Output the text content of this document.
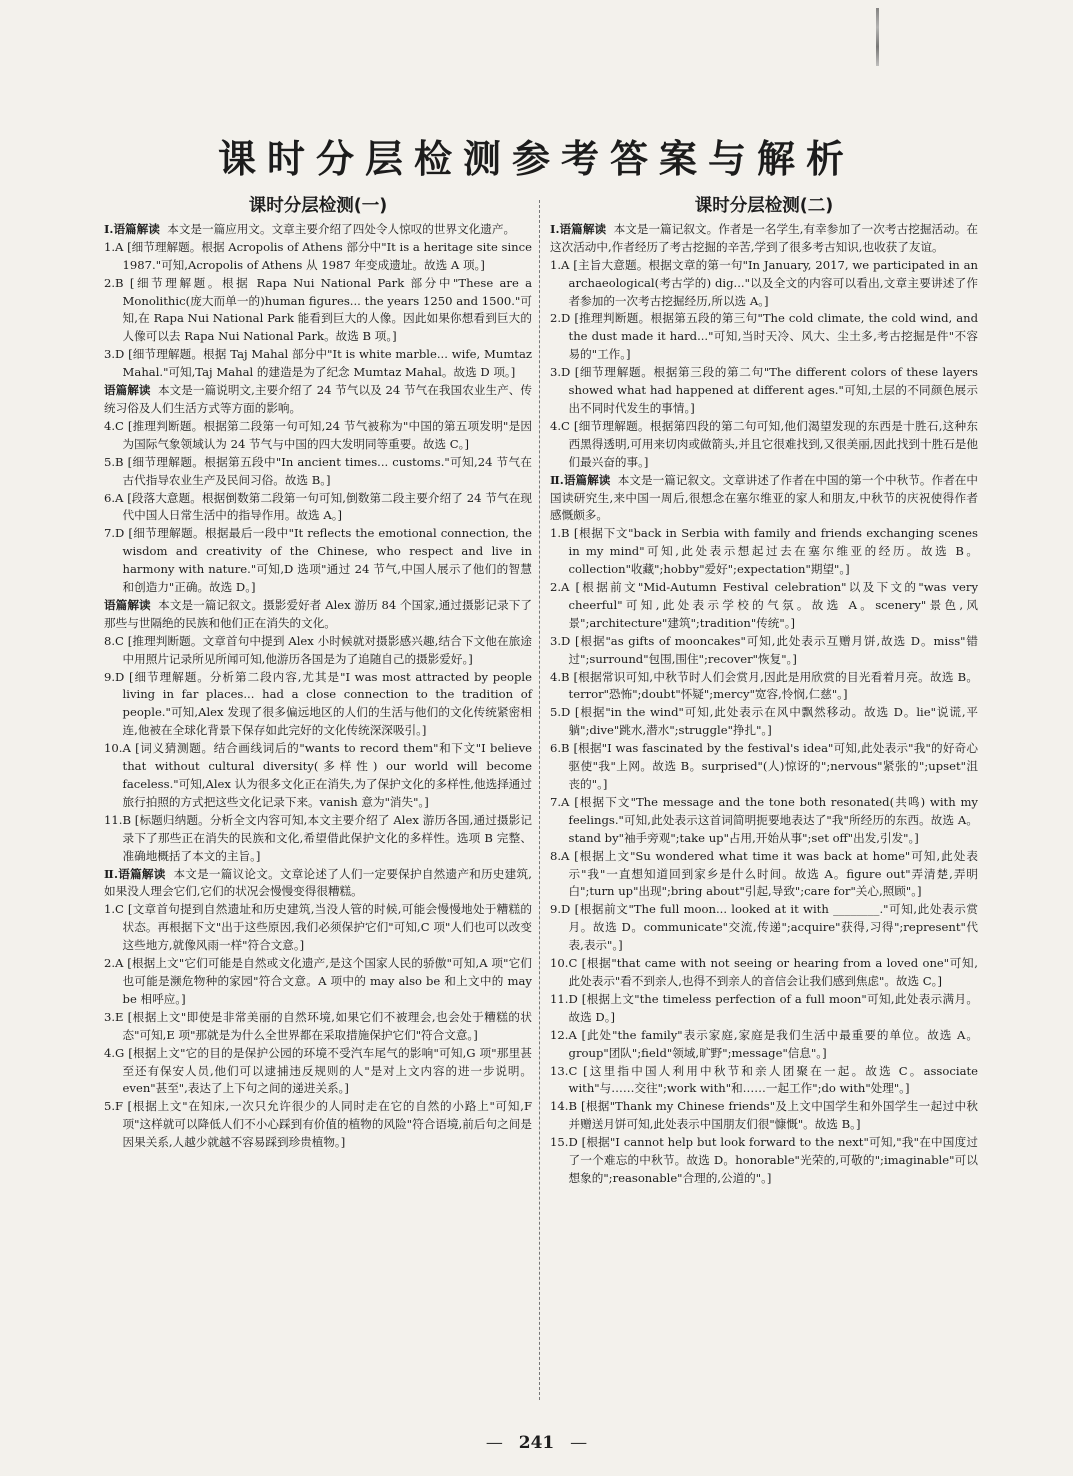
课时分层检测参考答案与解析
课时分层检测(一)

Ⅰ.语篇解读 本文是一篇应用文。文章主要介绍了四处令人惊叹的世界文化遗产。

1.A [细节理解题。根据 Acropolis of Athens 部分中"It is a heritage site since 1987."可知,Acropolis of Athens 从 1987 年变成遗址。故选 A 项。]

2.B [细节理解题。根据 Rapa Nui National Park 部分中"These are a Monolithic(庞大而单一的)human figures... the years 1250 and 1500."可知,在 Rapa Nui National Park 能看到巨大的人像。因此如果你想看到巨大的人像可以去 Rapa Nui National Park。故选 B 项。]

3.D [细节理解题。根据 Taj Mahal 部分中"It is white marble... wife, Mumtaz Mahal."可知,Taj Mahal 的建造是为了纪念 Mumtaz Mahal。故选 D 项。]

语篇解读 本文是一篇说明文,主要介绍了 24 节气以及 24 节气在我国农业生产、传统习俗及人们生活方式等方面的影响。

4.C [推理判断题。根据第二段第一句可知,24 节气被称为"中国的第五项发明"是因为国际气象领域认为 24 节气与中国的四大发明同等重要。故选 C。]

5.B [细节理解题。根据第五段中"In ancient times... customs."可知,24 节气在古代指导农业生产及民间习俗。故选 B。]

6.A [段落大意题。根据倒数第二段第一句可知,倒数第二段主要介绍了 24 节气在现代中国人日常生活中的指导作用。故选 A。]

7.D [细节理解题。根据最后一段中"It reflects the emotional connection, the wisdom and creativity of the Chinese, who respect and live in harmony with nature."可知,D 选项"通过 24 节气,中国人展示了他们的智慧和创造力"正确。故选 D。]

语篇解读 本文是一篇记叙文。摄影爱好者 Alex 游历 84 个国家,通过摄影记录下了那些与世隔绝的民族和他们正在消失的文化。

8.C [推理判断题。文章首句中提到 Alex 小时候就对摄影感兴趣,结合下文他在旅途中用照片记录所见所闻可知,他游历各国是为了追随自己的摄影爱好。]

9.D [细节理解题。分析第二段内容,尤其是"I was most attracted by people living in far places... had a close connection to the tradition of people."可知,Alex 发现了很多偏远地区的人们的生活与他们的文化传统紧密相连,他被在全球化背景下保存如此完好的文化传统深深吸引。]

10.A [词义猜测题。结合画线词后的"wants to record them"和下文"I believe that without cultural diversity(多样性) our world will become faceless."可知,Alex 认为很多文化正在消失,为了保护文化的多样性,他选择通过旅行拍照的方式把这些文化记录下来。vanish 意为"消失"。]

11.B [标题归纳题。分析全文内容可知,本文主要介绍了 Alex 游历各国,通过摄影记录下了那些正在消失的民族和文化,希望借此保护文化的多样性。选项 B 完整、准确地概括了本文的主旨。]

Ⅱ.语篇解读 本文是一篇议论文。文章论述了人们一定要保护自然遗产和历史建筑,如果没人理会它们,它们的状况会慢慢变得很糟糕。

1.C [文章首句提到自然遗址和历史建筑,当没人管的时候,可能会慢慢地处于糟糕的状态。再根据下文"出于这些原因,我们必须保护它们"可知,C 项"人们也可以改变这些地方,就像风雨一样"符合文意。]

2.A [根据上文"它们可能是自然或文化遗产,是这个国家人民的骄傲"可知,A 项"它们也可能是濒危物种的家园"符合文意。A 项中的 may also be 和上文中的 may be 相呼应。]

3.E [根据上文"即使是非常美丽的自然环境,如果它们不被理会,也会处于糟糕的状态"可知,E 项"那就是为什么全世界都在采取措施保护它们"符合文意。]

4.G [根据上文"它的目的是保护公园的环境不受汽车尾气的影响"可知,G 项"那里甚至还有保安人员,他们可以逮捕违反规则的人"是对上文内容的进一步说明。even"甚至",表达了上下句之间的递进关系。]

5.F [根据上文"在知床,一次只允许很少的人同时走在它的自然的小路上"可知,F 项"这样就可以降低人们不小心踩到有价值的植物的风险"符合语境,前后句之间是因果关系,人越少就越不容易踩到珍贵植物。]

课时分层检测(二)

Ⅰ.语篇解读 本文是一篇记叙文。作者是一名学生,有幸参加了一次考古挖掘活动。在这次活动中,作者经历了考古挖掘的辛苦,学到了很多考古知识,也收获了友谊。

1.A [主旨大意题。根据文章的第一句"In January, 2017, we participated in an archaeological(考古学的) dig..."以及全文的内容可以看出,文章主要讲述了作者参加的一次考古挖掘经历,所以选 A。]

2.D [推理判断题。根据第五段的第三句"The cold climate, the cold wind, and the dust made it hard..."可知,当时天冷、风大、尘土多,考古挖掘是件"不容易的"工作。]

3.D [细节理解题。根据第三段的第二句"The different colors of these layers showed what had happened at different ages."可知,土层的不同颜色展示出不同时代发生的事情。]

4.C [细节理解题。根据第四段的第二句可知,他们渴望发现的东西是十胜石,这种东西黑得透明,可用来切肉或做箭头,并且它很难找到,又很美丽,因此找到十胜石是他们最兴奋的事。]

Ⅱ.语篇解读 本文是一篇记叙文。文章讲述了作者在中国的第一个中秋节。作者在中国读研究生,来中国一周后,很想念在塞尔维亚的家人和朋友,中秋节的庆祝使得作者感慨颇多。

1.B [根据下文"back in Serbia with family and friends exchanging scenes in my mind"可知,此处表示想起过去在塞尔维亚的经历。故选 B。collection"收藏";hobby"爱好";expectation"期望"。]

2.A [根据前文"Mid-Autumn Festival celebration"以及下文的"was very cheerful"可知,此处表示学校的气氛。故选 A。scenery"景色,风景";architecture"建筑";tradition"传统"。]

3.D [根据"as gifts of mooncakes"可知,此处表示互赠月饼,故选 D。miss"错过";surround"包围,围住";recover"恢复"。]

4.B [根据常识可知,中秋节时人们会赏月,因此是用欣赏的目光看着月亮。故选 B。terror"恐怖";doubt"怀疑";mercy"宽容,怜悯,仁慈"。]

5.D [根据"in the wind"可知,此处表示在风中飘然移动。故选 D。lie"说谎,平躺";dive"跳水,潜水";struggle"挣扎"。]

6.B [根据"I was fascinated by the festival's idea"可知,此处表示"我"的好奇心驱使"我"上网。故选 B。surprised"(人)惊讶的";nervous"紧张的";upset"沮丧的"。]

7.A [根据下文"The message and the tone both resonated(共鸣) with my feelings."可知,此处表示这首词简明扼要地表达了"我"所经历的东西。故选 A。stand by"袖手旁观";take up"占用,开始从事";set off"出发,引发"。]

8.A [根据上文"Su wondered what time it was back at home"可知,此处表示"我"一直想知道回到家乡是什么时间。故选 A。figure out"弄清楚,弄明白";turn up"出现";bring about"引起,导致";care for"关心,照顾"。]

9.D [根据前文"The full moon... looked at it with ________."可知,此处表示赏月。故选 D。communicate"交流,传递";acquire"获得,习得";represent"代表,表示"。]

10.C [根据"that came with not seeing or hearing from a loved one"可知,此处表示"看不到亲人,也得不到亲人的音信会让我们感到焦虑"。故选 C。]

11.D [根据上文"the timeless perfection of a full moon"可知,此处表示满月。故选 D。]

12.A [此处"the family"表示家庭,家庭是我们生活中最重要的单位。故选 A。group"团队";field"领域,旷野";message"信息"。]

13.C [这里指中国人利用中秋节和亲人团聚在一起。故选 C。associate with"与……交往";work with"和……一起工作";do with"处理"。]

14.B [根据"Thank my Chinese friends"及上文中国学生和外国学生一起过中秋并赠送月饼可知,此处表示中国朋友们很"慷慨"。故选 B。]

15.D [根据"I cannot help but look forward to the next"可知,"我"在中国度过了一个难忘的中秋节。故选 D。honorable"光荣的,可敬的";imaginable"可以想象的";reasonable"合理的,公道的"。]

— 241 —
